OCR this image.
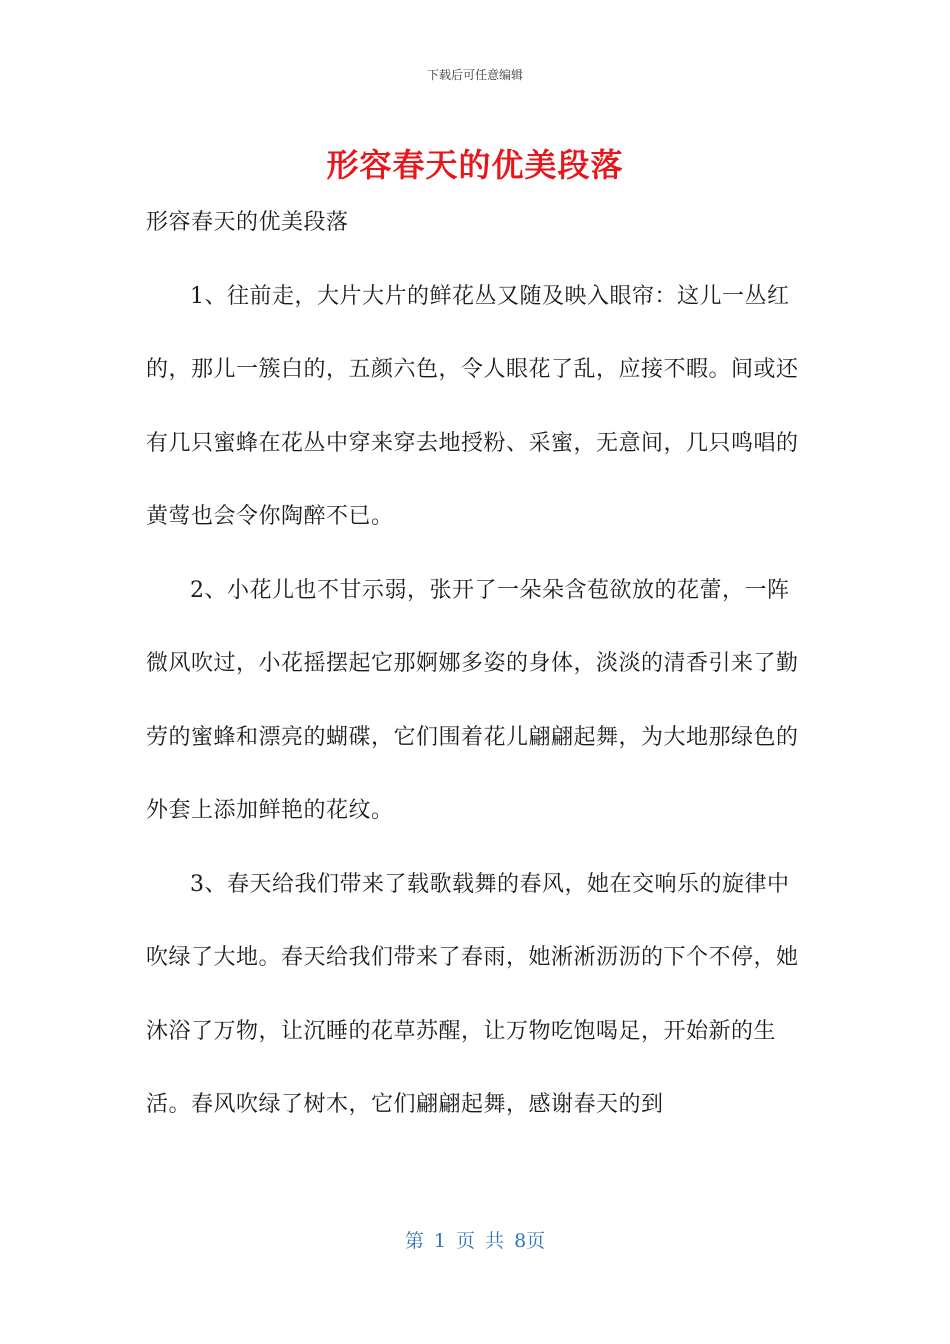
下载后可任意编辑
形容春天的优美段落

形容春天的优美段落

1、往前走，大片大片的鲜花丛又随及映入眼帘：这儿一丛红的，那儿一簇白的，五颜六色，令人眼花了乱，应接不暇。间或还有几只蜜蜂在花丛中穿来穿去地授粉、采蜜，无意间，几只鸣唱的黄莺也会令你陶醉不已。

2、小花儿也不甘示弱，张开了一朵朵含苞欲放的花蕾，一阵微风吹过，小花摇摆起它那婀娜多姿的身体，淡淡的清香引来了勤劳的蜜蜂和漂亮的蝴碟，它们围着花儿翩翩起舞，为大地那绿色的外套上添加鲜艳的花纹。

3、春天给我们带来了载歌载舞的春风，她在交响乐的旋律中吹绿了大地。春天给我们带来了春雨，她淅淅沥沥的下个不停，她沐浴了万物，让沉睡的花草苏醒，让万物吃饱喝足，开始新的生活。春风吹绿了树木，它们翩翩起舞，感谢春天的到

第 1 页 共 8页
